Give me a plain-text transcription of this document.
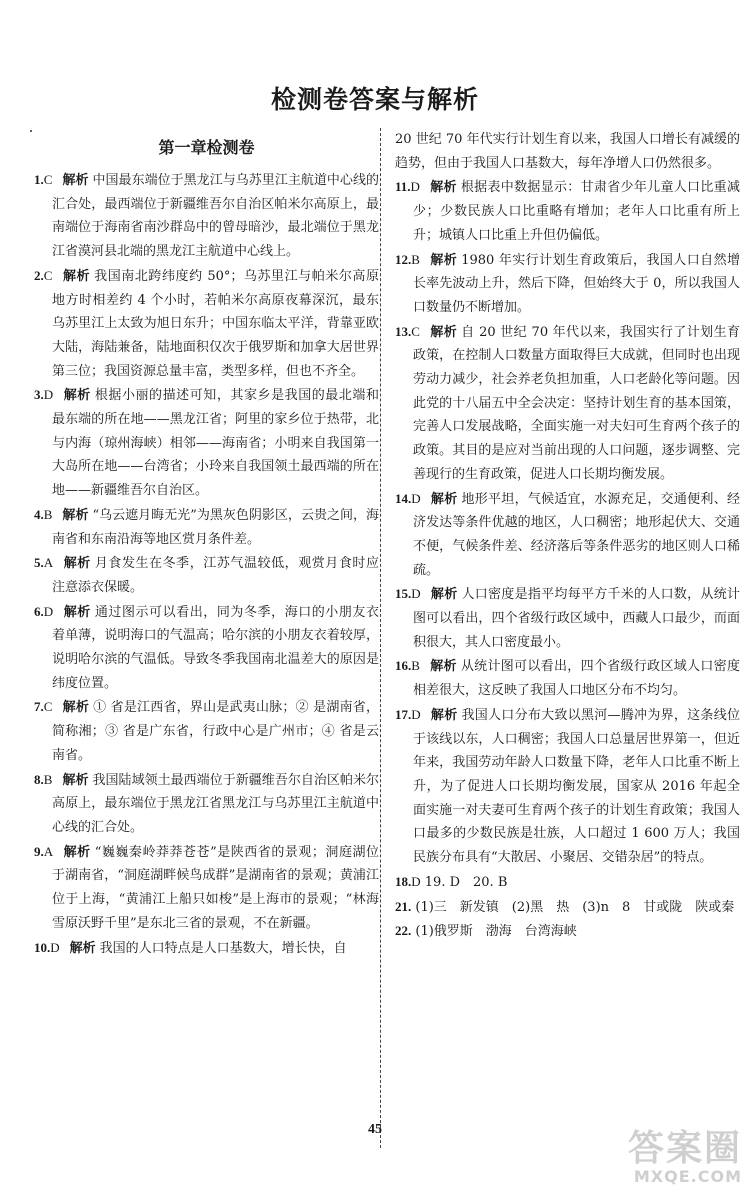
检测卷答案与解析
第一章检测卷

1.C 解析 中国最东端位于黑龙江与乌苏里江主航道中心线的汇合处，最西端位于新疆维吾尔自治区帕米尔高原上，最南端位于海南省南沙群岛中的曾母暗沙，最北端位于黑龙江省漠河县北端的黑龙江主航道中心线上。

2.C 解析 我国南北跨纬度约 50°；乌苏里江与帕米尔高原地方时相差约 4 个小时，若帕米尔高原夜幕深沉，最东乌苏里江上太致为旭日东升；中国东临太平洋，背靠亚欧大陆，海陆兼备，陆地面积仅次于俄罗斯和加拿大居世界第三位；我国资源总量丰富，类型多样，但也不齐全。

3.D 解析 根据小丽的描述可知，其家乡是我国的最北端和最东端的所在地——黑龙江省；阿里的家乡位于热带，北与内海（琼州海峡）相邻——海南省；小明来自我国第一大岛所在地——台湾省；小玲来自我国领土最西端的所在地——新疆维吾尔自治区。

4.B 解析 “乌云遮月晦无光”为黑灰色阴影区，云贵之间，海南省和东南沿海等地区赏月条件差。

5.A 解析 月食发生在冬季，江苏气温较低，观赏月食时应注意添衣保暖。

6.D 解析 通过图示可以看出，同为冬季，海口的小朋友衣着单薄，说明海口的气温高；哈尔滨的小朋友衣着较厚，说明哈尔滨的气温低。导致冬季我国南北温差大的原因是纬度位置。

7.C 解析 ① 省是江西省，界山是武夷山脉；② 是湖南省，简称湘；③ 省是广东省，行政中心是广州市；④ 省是云南省。

8.B 解析 我国陆域领土最西端位于新疆维吾尔自治区帕米尔高原上，最东端位于黑龙江省黑龙江与乌苏里江主航道中心线的汇合处。

9.A 解析 “巍巍秦岭莽莽苍苍”是陕西省的景观；洞庭湖位于湖南省，“洞庭湖畔候鸟成群”是湖南省的景观；黄浦江位于上海，“黄浦江上船只如梭”是上海市的景观；“林海雪原沃野千里”是东北三省的景观，不在新疆。

10.D 解析 我国的人口特点是人口基数大，增长快，自

20 世纪 70 年代实行计划生育以来，我国人口增长有减缓的趋势，但由于我国人口基数大，每年净增人口仍然很多。

11.D 解析 根据表中数据显示：甘肃省少年儿童人口比重减少；少数民族人口比重略有增加；老年人口比重有所上升；城镇人口比重上升但仍偏低。

12.B 解析 1980 年实行计划生育政策后，我国人口自然增长率先波动上升，然后下降，但始终大于 0，所以我国人口数量仍不断增加。

13.C 解析 自 20 世纪 70 年代以来，我国实行了计划生育政策，在控制人口数量方面取得巨大成就，但同时也出现劳动力减少，社会养老负担加重，人口老龄化等问题。因此党的十八届五中全会决定：坚持计划生育的基本国策，完善人口发展战略，全面实施一对夫妇可生育两个孩子的政策。其目的是应对当前出现的人口问题，逐步调整、完善现行的生育政策，促进人口长期均衡发展。

14.D 解析 地形平坦，气候适宜，水源充足，交通便利、经济发达等条件优越的地区，人口稠密；地形起伏大、交通不便，气候条件差、经济落后等条件恶劣的地区则人口稀疏。

15.D 解析 人口密度是指平均每平方千米的人口数，从统计图可以看出，四个省级行政区域中，西藏人口最少，而面积很大，其人口密度最小。

16.B 解析 从统计图可以看出，四个省级行政区域人口密度相差很大，这反映了我国人口地区分布不均匀。

17.D 解析 我国人口分布大致以黑河—腾冲为界，这条线位于该线以东，人口稠密；我国人口总量居世界第一，但近年来，我国劳动年龄人口数量下降，老年人口比重不断上升，为了促进人口长期均衡发展，国家从 2016 年起全面实施一对夫妻可生育两个孩子的计划生育政策；我国人口最多的少数民族是壮族，人口超过 1 600 万人；我国民族分布具有“大散居、小聚居、交错杂居”的特点。

18.D 19. D　20. B

21. (1)三　新发镇　(2)黑　热　(3)n　8　甘或陇　陕或秦

22. (1)俄罗斯　渤海　台湾海峡

45	答案圈
MXQE.COM
